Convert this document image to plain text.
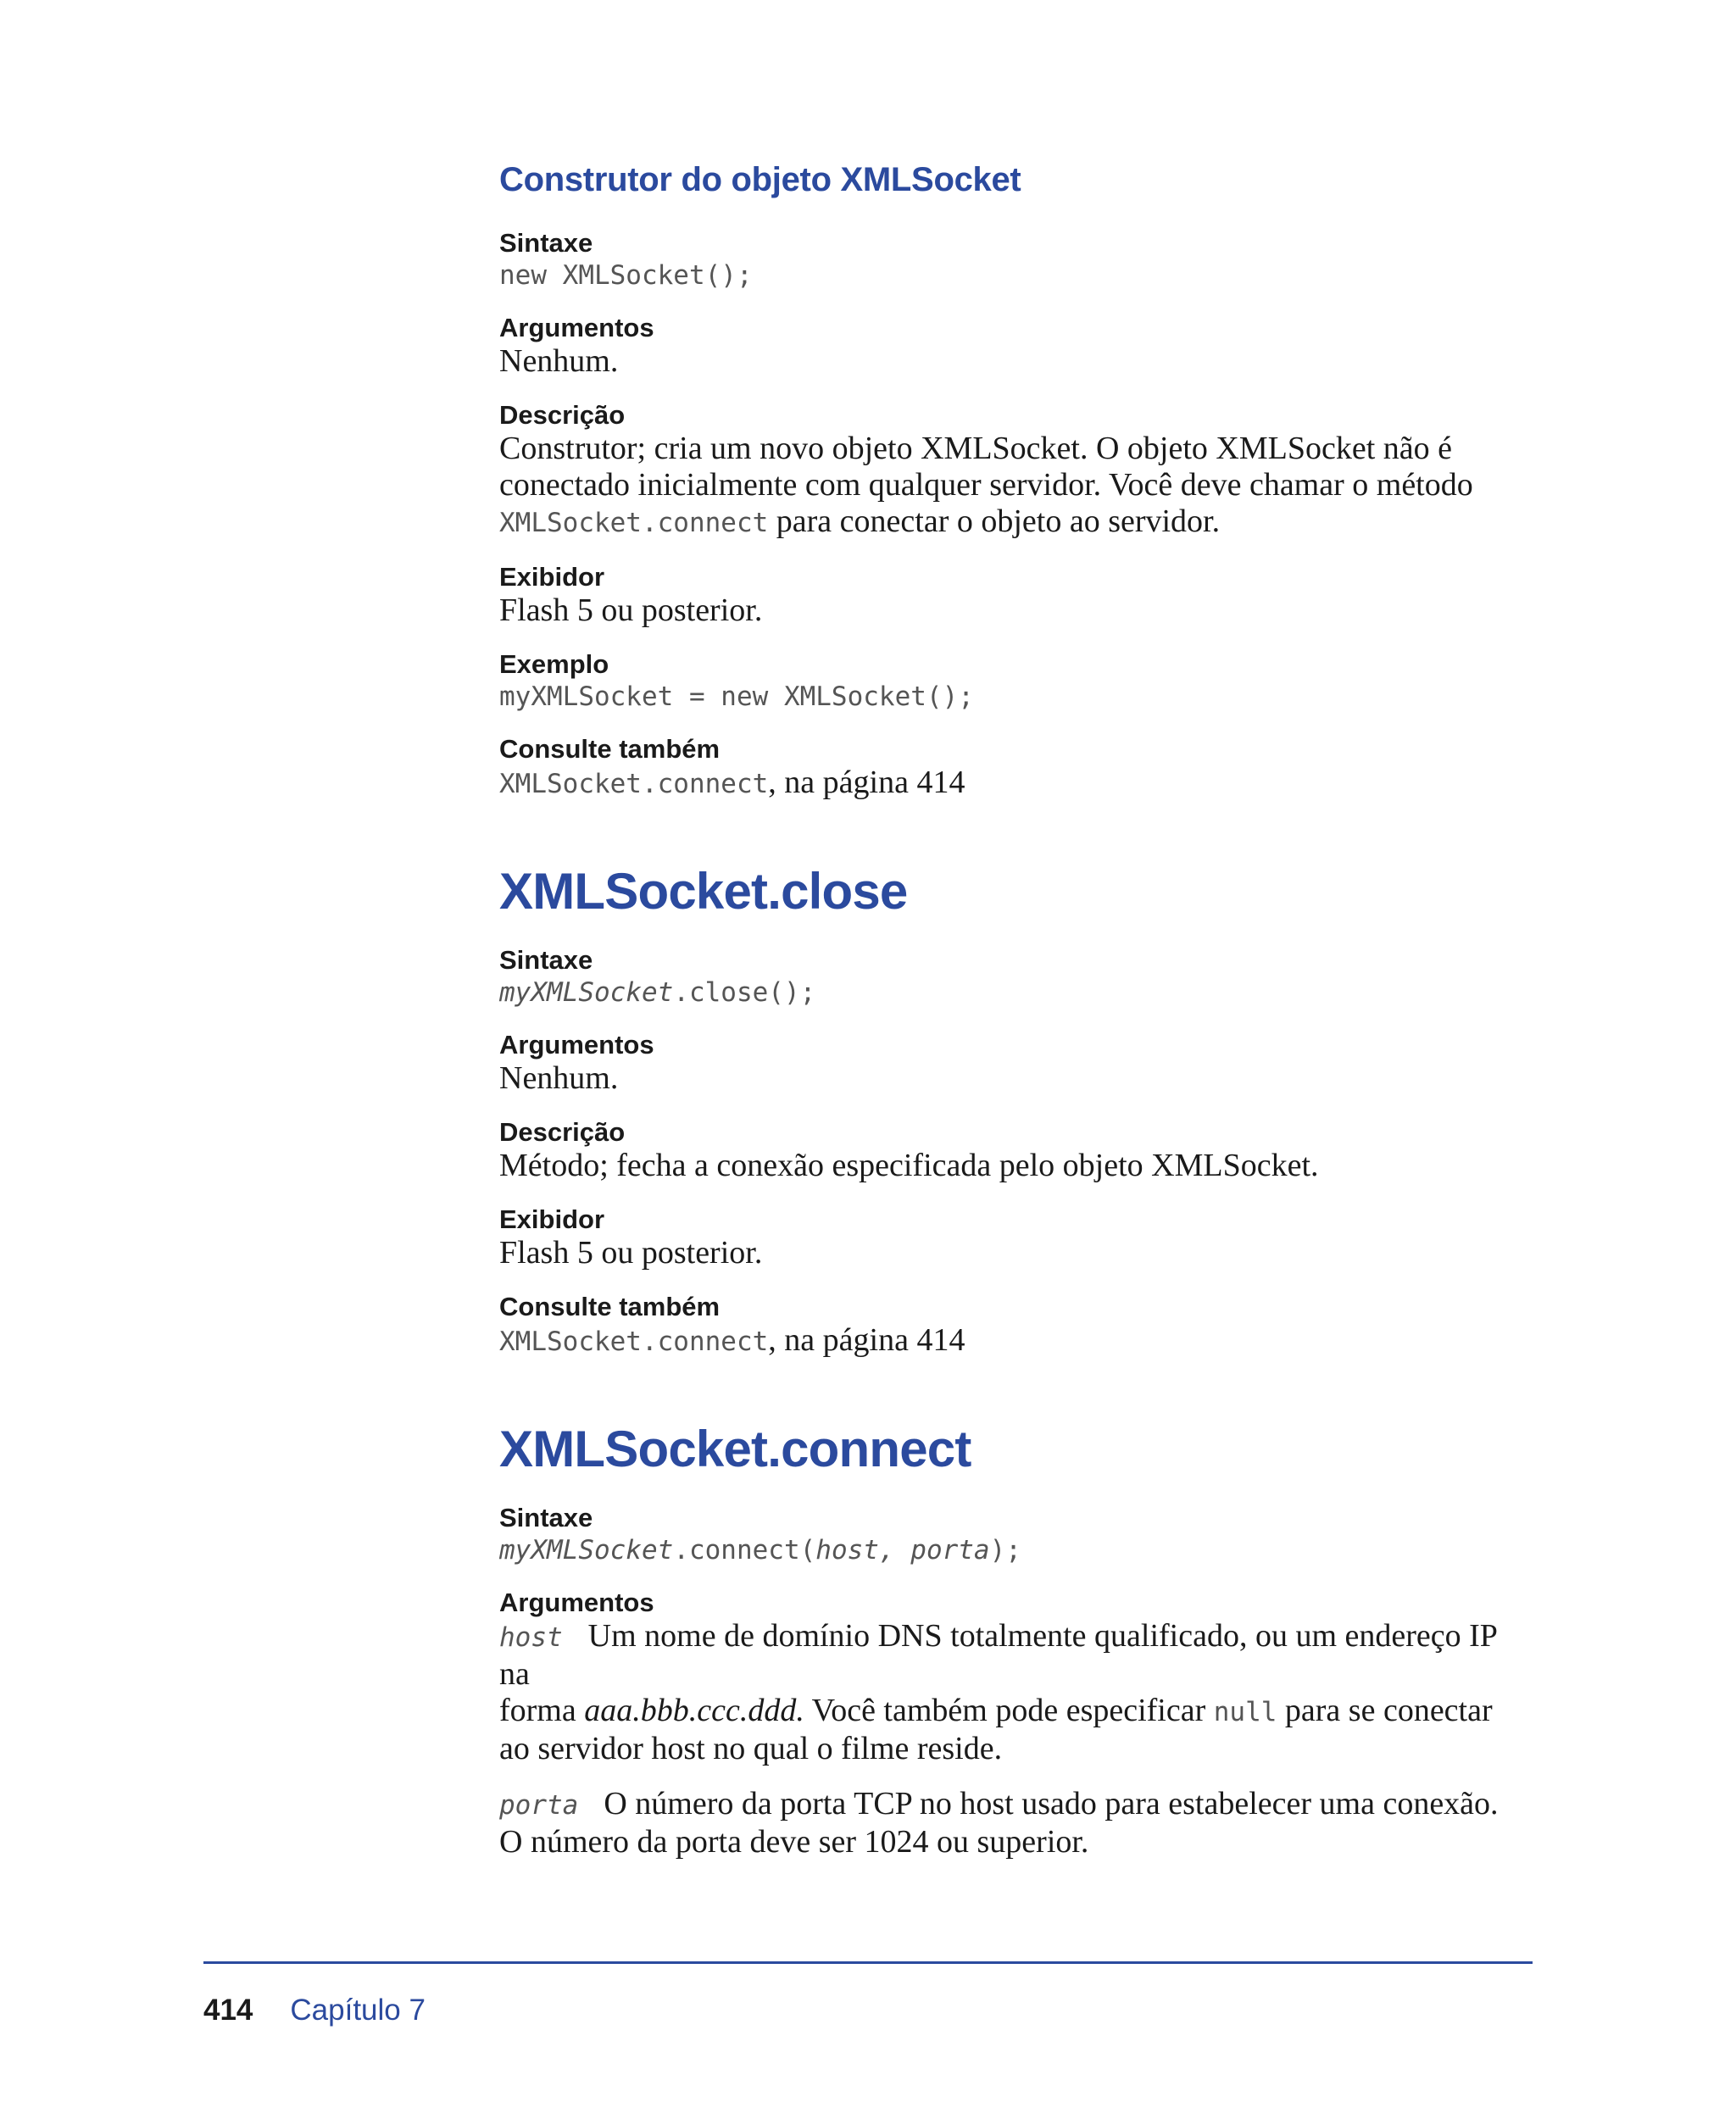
Construtor do objeto XMLSocket

Sintaxe

new XMLSocket();

Argumentos

Nenhum.

Descrição

Construtor; cria um novo objeto XMLSocket. O objeto XMLSocket não é
conectado inicialmente com qualquer servidor. Você deve chamar o método
XMLSocket.connect para conectar o objeto ao servidor.

Exibidor

Flash 5 ou posterior.

Exemplo

myXMLSocket = new XMLSocket();

Consulte também

XMLSocket.connect, na página 414

XMLSocket.close

Sintaxe

myXMLSocket.close();

Argumentos

Nenhum.

Descrição

Método; fecha a conexão especificada pelo objeto XMLSocket.

Exibidor

Flash 5 ou posterior.

Consulte também

XMLSocket.connect, na página 414

XMLSocket.connect

Sintaxe

myXMLSocket.connect(host, porta);

Argumentos

host Um nome de domínio DNS totalmente qualificado, ou um endereço IP na
forma aaa.bbb.ccc.ddd. Você também pode especificar null para se conectar
ao servidor host no qual o filme reside.

porta O número da porta TCP no host usado para estabelecer uma conexão.
O número da porta deve ser 1024 ou superior.

414 Capítulo 7
